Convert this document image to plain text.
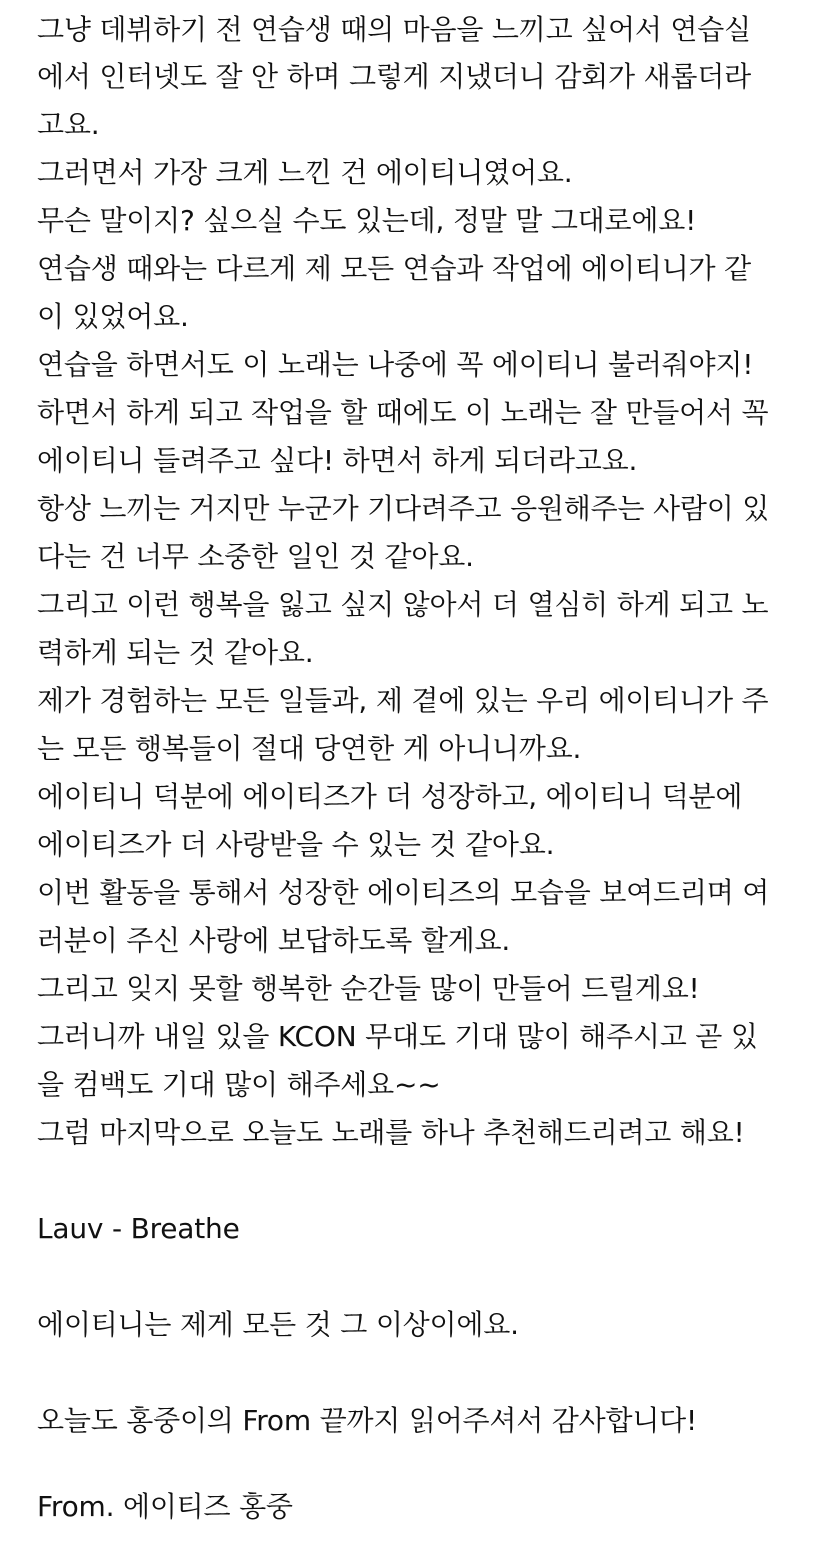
그냥 데뷔하기 전 연습생 때의 마음을 느끼고 싶어서 연습실
에서 인터넷도 잘 안 하며 그렇게 지냈더니 감회가 새롭더라
고요.
그러면서 가장 크게 느낀 건 에이티니였어요.
무슨 말이지? 싶으실 수도 있는데, 정말 말 그대로에요!
연습생 때와는 다르게 제 모든 연습과 작업에 에이티니가 같
이 있었어요.
연습을 하면서도 이 노래는 나중에 꼭 에이티니 불러줘야지!
하면서 하게 되고 작업을 할 때에도 이 노래는 잘 만들어서 꼭
에이티니 들려주고 싶다! 하면서 하게 되더라고요.
항상 느끼는 거지만 누군가 기다려주고 응원해주는 사람이 있
다는 건 너무 소중한 일인 것 같아요.
그리고 이런 행복을 잃고 싶지 않아서 더 열심히 하게 되고 노
력하게 되는 것 같아요.
제가 경험하는 모든 일들과, 제 곁에 있는 우리 에이티니가 주
는 모든 행복들이 절대 당연한 게 아니니까요.
에이티니 덕분에 에이티즈가 더 성장하고, 에이티니 덕분에
에이티즈가 더 사랑받을 수 있는 것 같아요.
이번 활동을 통해서 성장한 에이티즈의 모습을 보여드리며 여
러분이 주신 사랑에 보답하도록 할게요.
그리고 잊지 못할 행복한 순간들 많이 만들어 드릴게요!
그러니까 내일 있을 KCON 무대도 기대 많이 해주시고 곧 있
을 컴백도 기대 많이 해주세요~~
그럼 마지막으로 오늘도 노래를 하나 추천해드리려고 해요!
Lauv - Breathe
에이티니는 제게 모든 것 그 이상이에요.
오늘도 홍중이의 From 끝까지 읽어주셔서 감사합니다!
From. 에이티즈 홍중
